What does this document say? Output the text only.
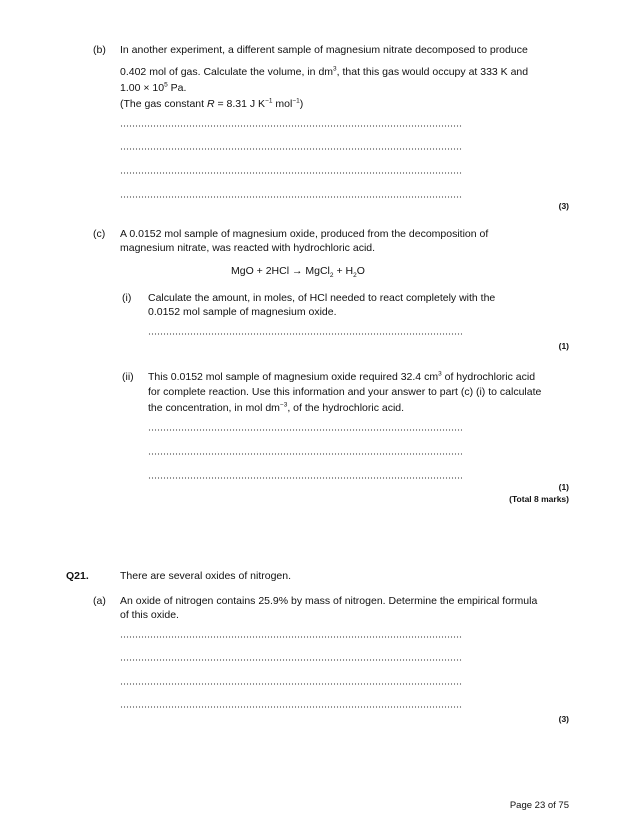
(b) In another experiment, a different sample of magnesium nitrate decomposed to produce
0.402 mol of gas. Calculate the volume, in $dm^3$, that this gas would occupy at 333 K and
$1.00 \times 10^5$ Pa.
(The gas constant R = 8.31 J $K^{-1}$ mol$^{-1}$)
(3)
(c) A 0.0152 mol sample of magnesium oxide, produced from the decomposition of
magnesium nitrate, was reacted with hydrochloric acid.
MgO + 2HCl → MgCl$_2$ + $H_2O$
(i) Calculate the amount, in moles, of HCl needed to react completely with the
0.0152 mol sample of magnesium oxide.
(1)
(ii) This 0.0152 mol sample of magnesium oxide required 32.4 $cm^3$ of hydrochloric acid
for complete reaction. Use this information and your answer to part (c) (i) to calculate
the concentration, in mol $dm^{-3}$, of the hydrochloric acid.
(1)
(Total 8 marks)
Q21.	There are several oxides of nitrogen.
(a) An oxide of nitrogen contains 25.9% by mass of nitrogen. Determine the empirical formula
of this oxide.
(3)
Page 23 of 75
